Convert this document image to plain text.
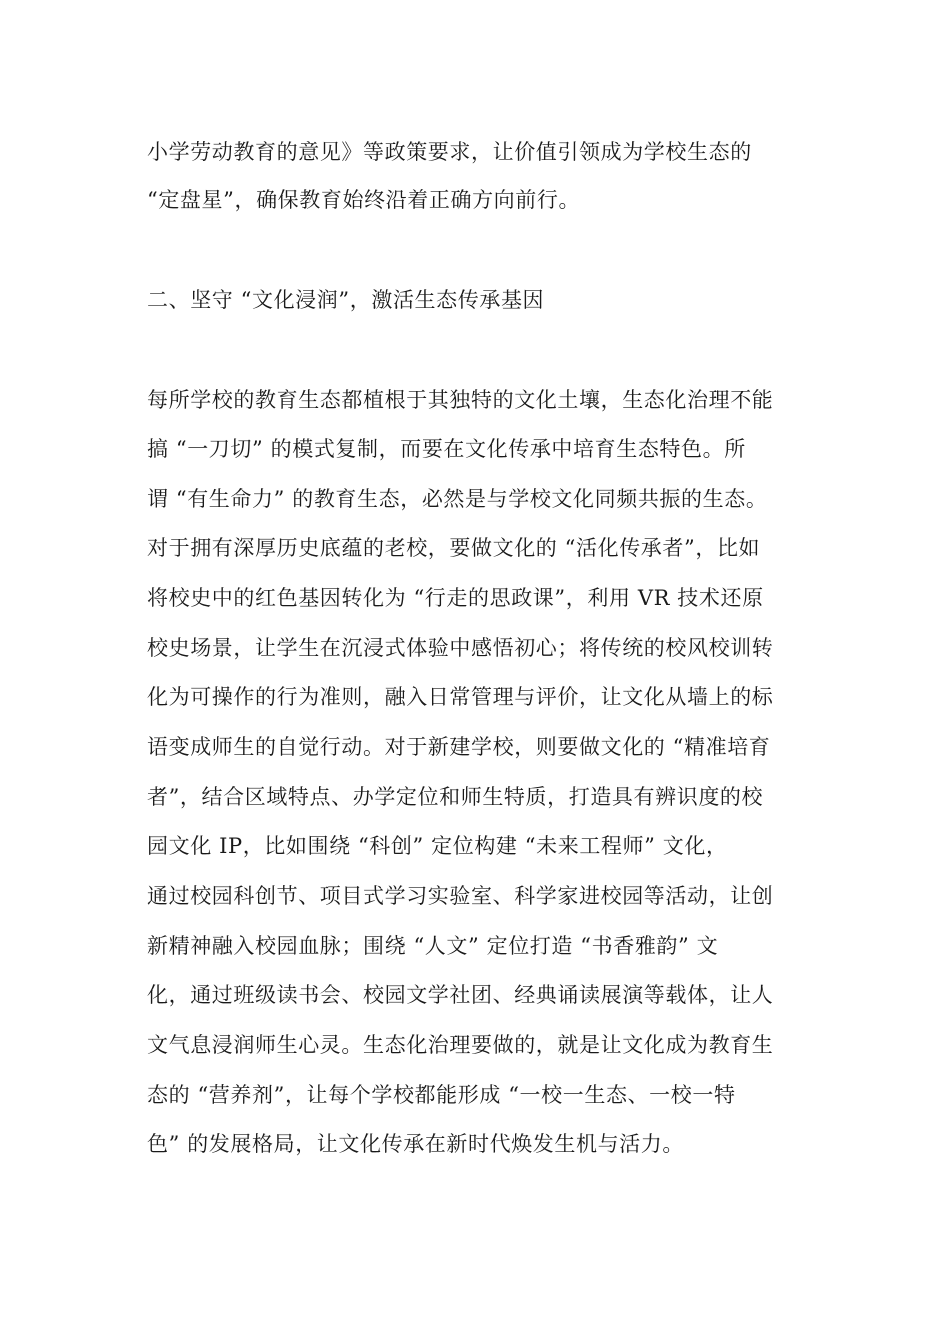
小学劳动教育的意见》等政策要求，让价值引领成为学校生态的
“定盘星”，确保教育始终沿着正确方向前行。
二、坚守 “文化浸润”，激活生态传承基因
每所学校的教育生态都植根于其独特的文化土壤，生态化治理不能
搞 “一刀切” 的模式复制，而要在文化传承中培育生态特色。所
谓 “有生命力” 的教育生态，必然是与学校文化同频共振的生态。
对于拥有深厚历史底蕴的老校，要做文化的 “活化传承者”，比如
将校史中的红色基因转化为 “行走的思政课”，利用 VR 技术还原
校史场景，让学生在沉浸式体验中感悟初心；将传统的校风校训转
化为可操作的行为准则，融入日常管理与评价，让文化从墙上的标
语变成师生的自觉行动。对于新建学校，则要做文化的 “精准培育
者”，结合区域特点、办学定位和师生特质，打造具有辨识度的校
园文化 IP，比如围绕 “科创” 定位构建 “未来工程师” 文化，
通过校园科创节、项目式学习实验室、科学家进校园等活动，让创
新精神融入校园血脉；围绕 “人文” 定位打造 “书香雅韵” 文
化，通过班级读书会、校园文学社团、经典诵读展演等载体，让人
文气息浸润师生心灵。生态化治理要做的，就是让文化成为教育生
态的 “营养剂”，让每个学校都能形成 “一校一生态、一校一特
色” 的发展格局，让文化传承在新时代焕发生机与活力。
